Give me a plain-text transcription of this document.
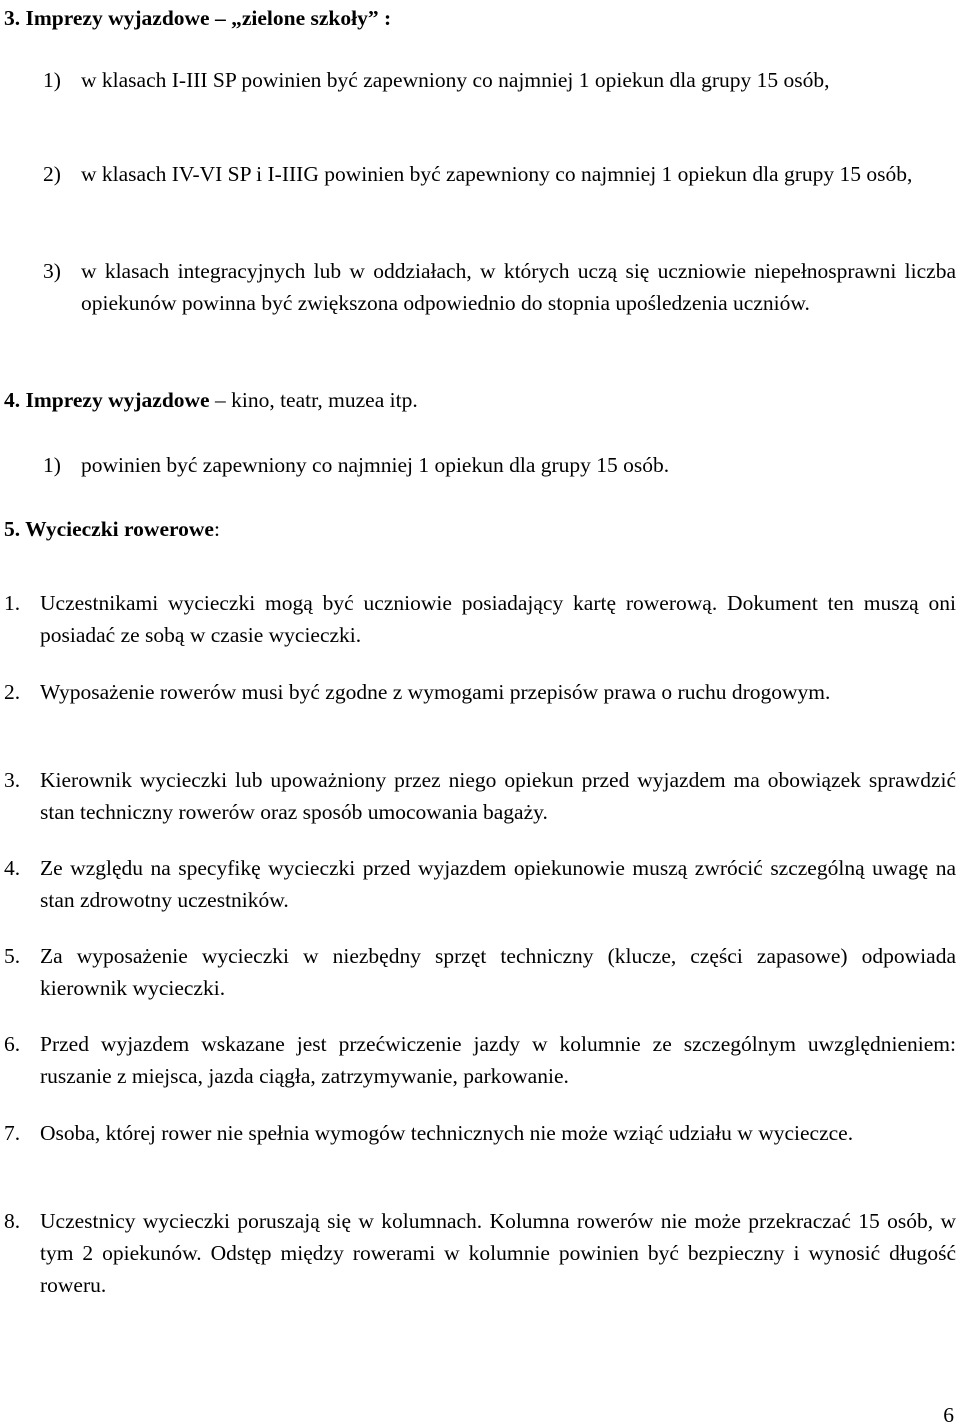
3. Imprezy wyjazdowe – „zielone szkoły” :
1) w klasach I-III SP powinien być zapewniony co najmniej 1 opiekun dla grupy 15 osób,
2) w klasach IV-VI SP i I-IIIG powinien być zapewniony co najmniej 1 opiekun dla grupy 15 osób,
3) w klasach integracyjnych lub w oddziałach, w których uczą się uczniowie niepełnosprawni liczba opiekunów powinna być zwiększona odpowiednio do stopnia upośledzenia uczniów.
4. Imprezy wyjazdowe – kino, teatr, muzea itp.
1) powinien być zapewniony co najmniej 1 opiekun dla grupy 15 osób.
5. Wycieczki rowerowe:
1. Uczestnikami wycieczki mogą być uczniowie posiadający kartę rowerową. Dokument ten muszą oni posiadać ze sobą w czasie wycieczki.
2. Wyposażenie rowerów musi być zgodne z wymogami przepisów prawa o ruchu drogowym.
3. Kierownik wycieczki lub upoważniony przez niego opiekun przed wyjazdem ma obowiązek sprawdzić stan techniczny rowerów oraz sposób umocowania bagaży.
4. Ze względu na specyfikę wycieczki przed wyjazdem opiekunowie muszą zwrócić szczególną uwagę na stan zdrowotny uczestników.
5. Za wyposażenie wycieczki w niezbędny sprzęt techniczny (klucze, części zapasowe) odpowiada kierownik wycieczki.
6. Przed wyjazdem wskazane jest przećwiczenie jazdy w kolumnie ze szczególnym uwzględnieniem: ruszanie z miejsca, jazda ciągła, zatrzymywanie, parkowanie.
7. Osoba, której rower nie spełnia wymogów technicznych nie może wziąć udziału w wycieczce.
8. Uczestnicy wycieczki poruszają się w kolumnach. Kolumna rowerów nie może przekraczać 15 osób, w tym 2 opiekunów. Odstęp między rowerami w kolumnie powinien być bezpieczny i wynosić długość roweru.
6
